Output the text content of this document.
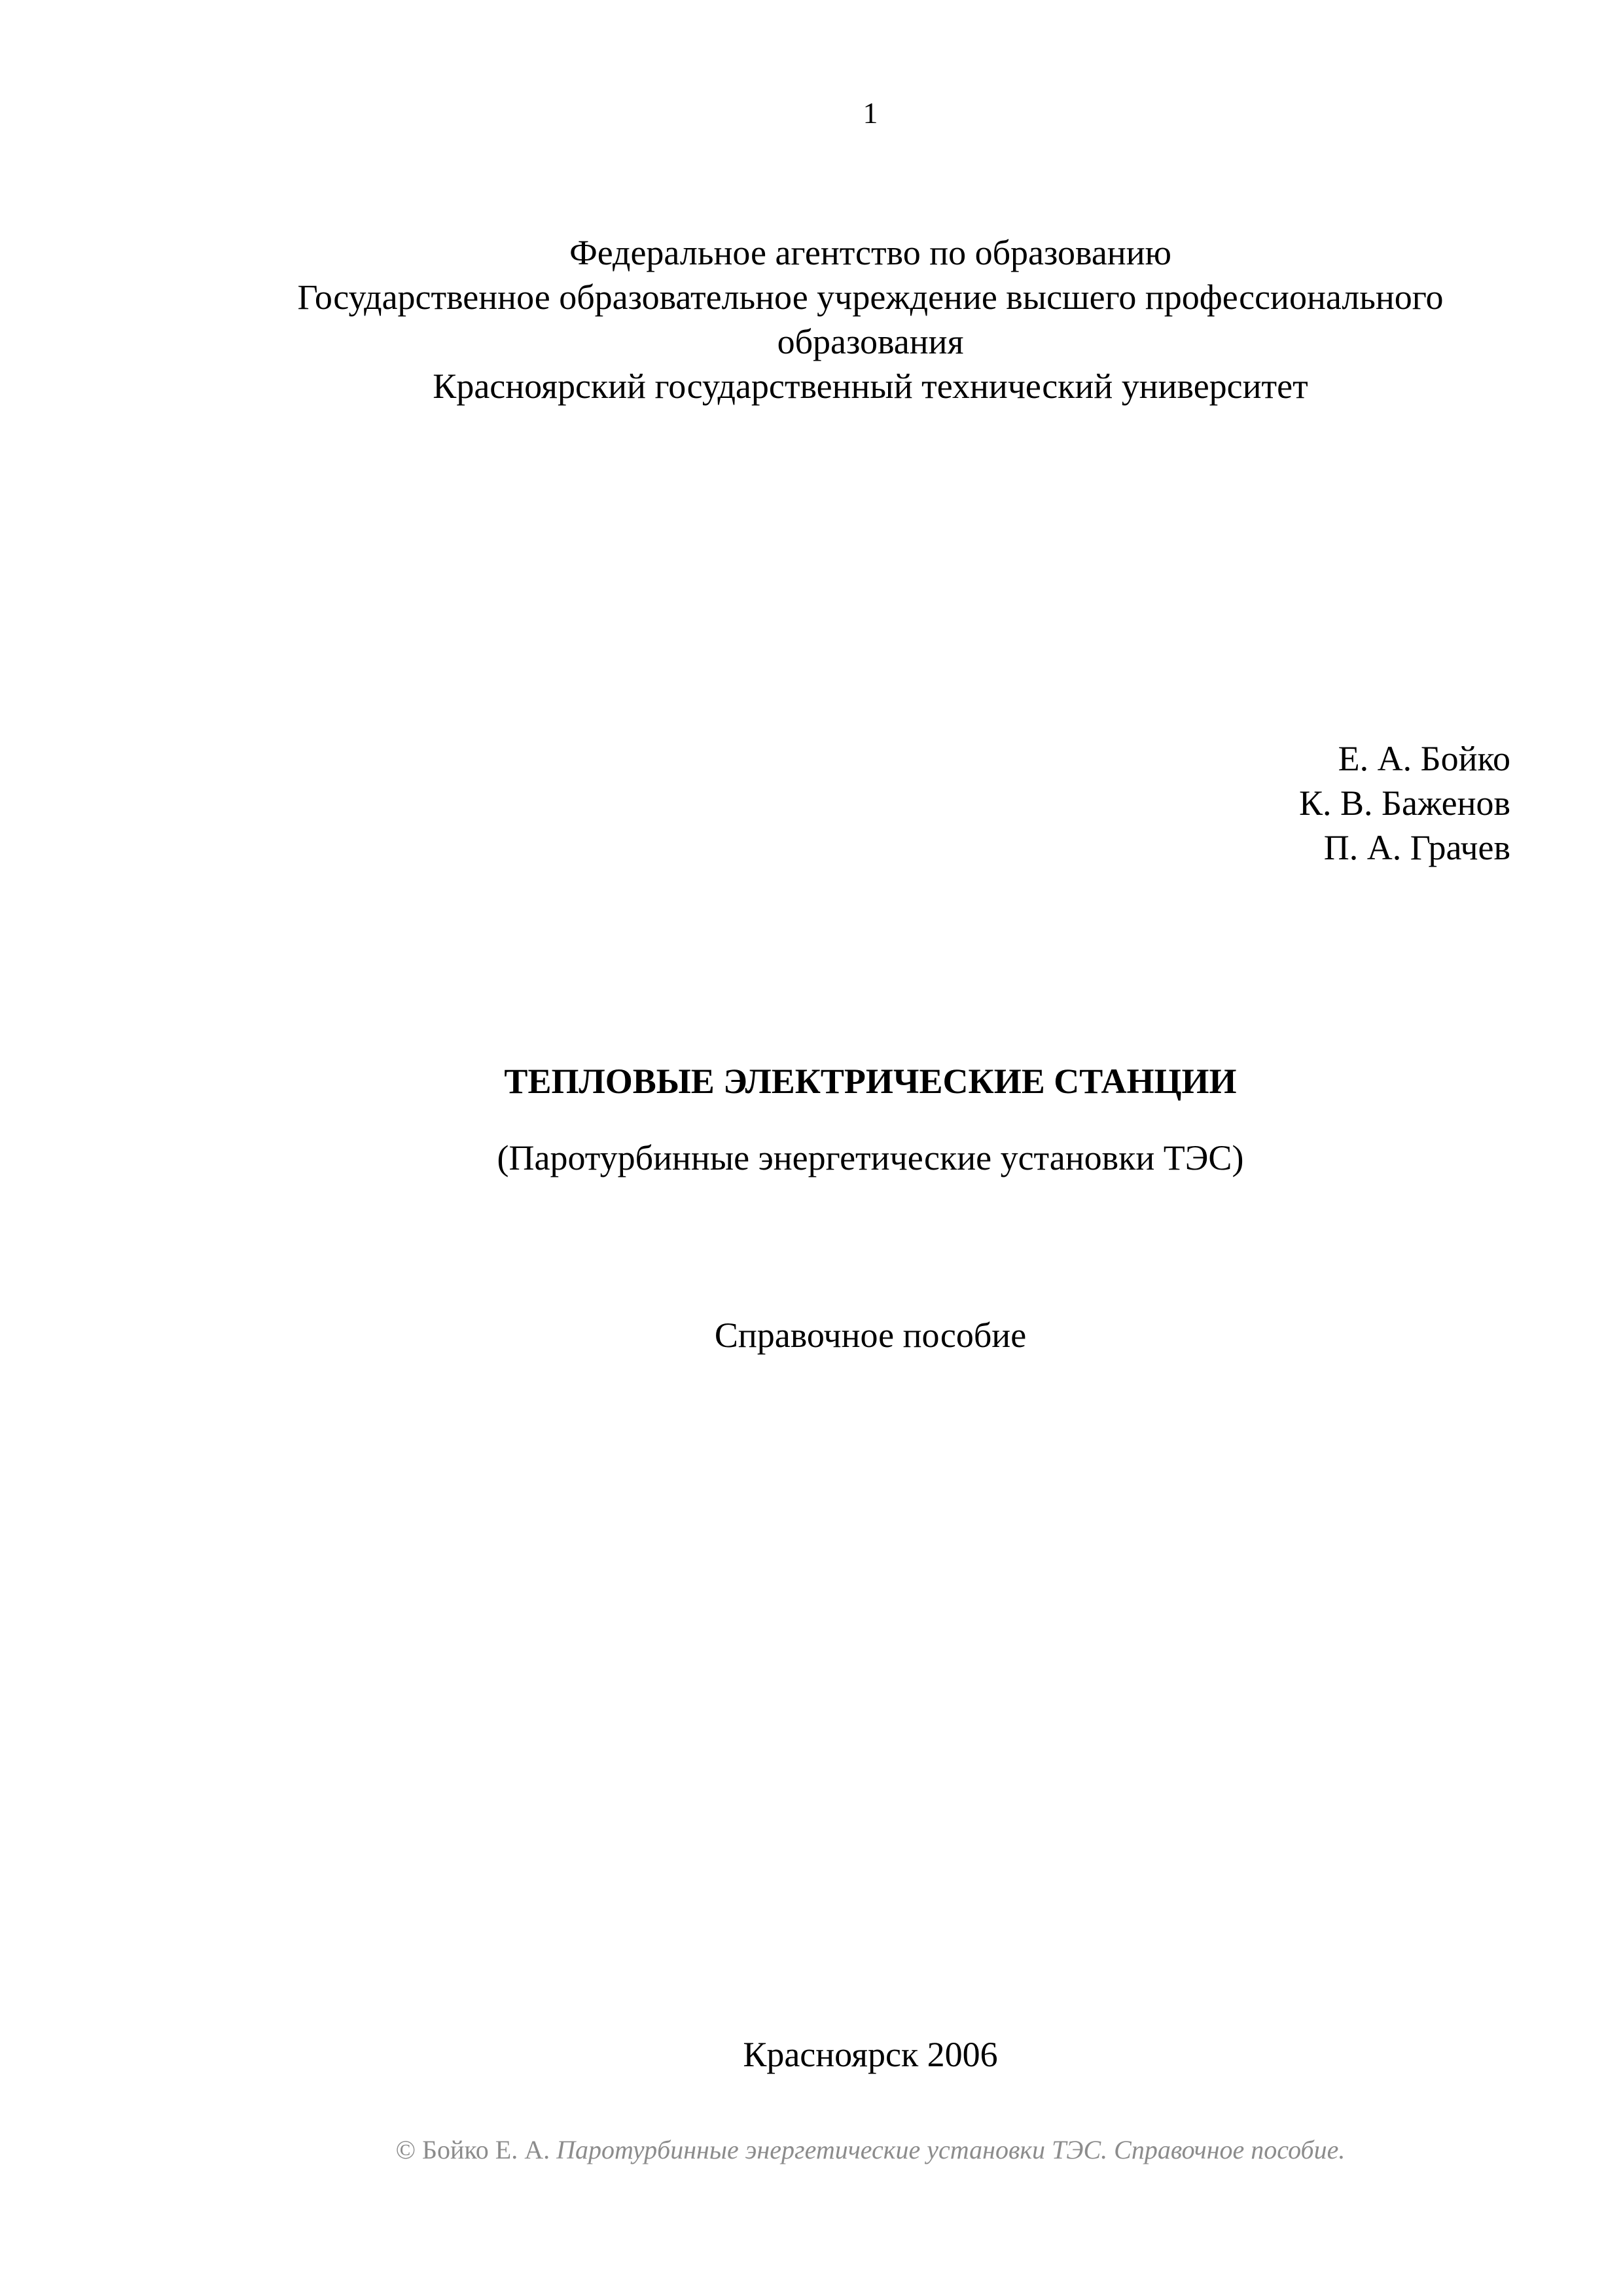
1
Федеральное агентство по образованию
Государственное образовательное учреждение высшего профессионального
образования
Красноярский государственный технический университет
Е. А. Бойко
К. В. Баженов
П. А. Грачев
ТЕПЛОВЫЕ ЭЛЕКТРИЧЕСКИЕ СТАНЦИИ
(Паротурбинные энергетические установки ТЭС)
Справочное пособие
Красноярск 2006
© Бойко Е. А. Паротурбинные энергетические установки ТЭС. Справочное пособие.
